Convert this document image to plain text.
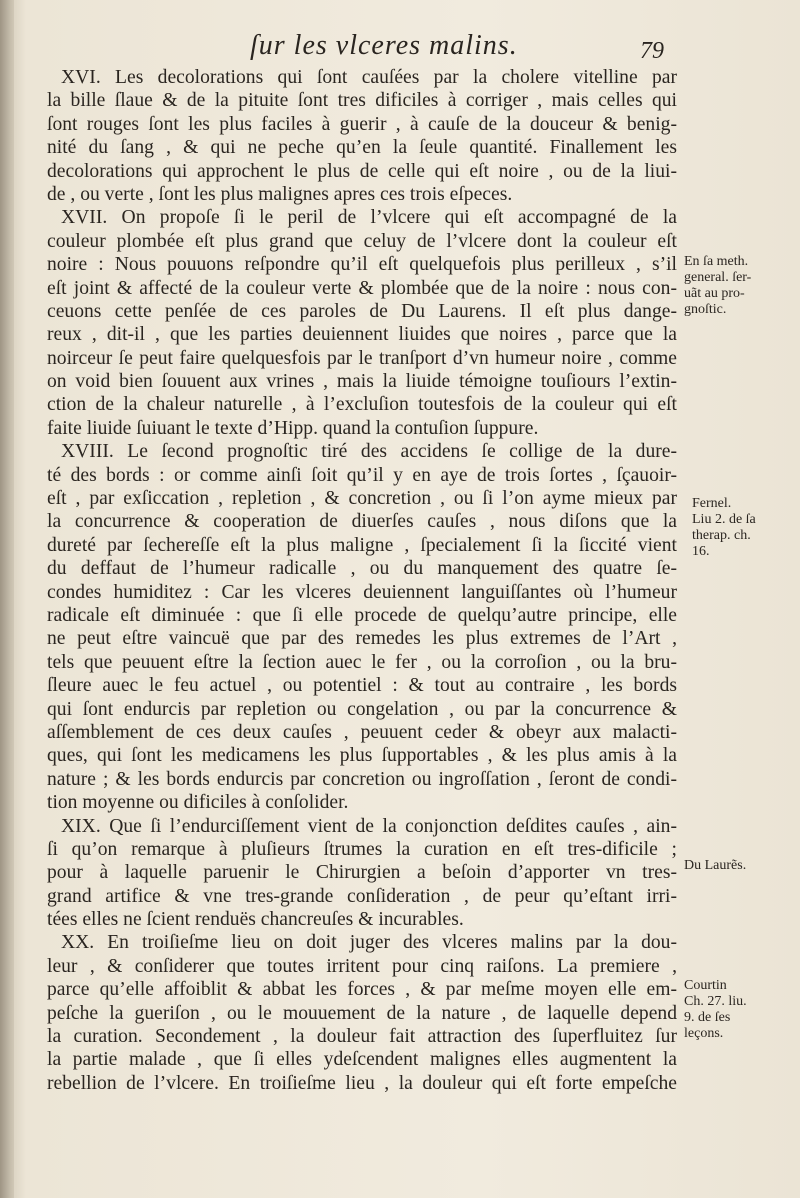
ſur les vlceres malins.	79
XVI. Les decolorations qui ſont cauſées par la cholere vitelline par
la bille ſlaue & de la pituite ſont tres dificiles à corriger , mais celles qui
ſont rouges ſont les plus faciles à guerir , à cauſe de la douceur & benig-
nité du ſang , & qui ne peche qu’en la ſeule quantité. Finallement les
decolorations qui approchent le plus de celle qui eſt noire , ou de la liui-
de , ou verte , ſont les plus malignes apres ces trois eſpeces.
XVII. On propoſe ſi le peril de l’vlcere qui eſt accompagné de la
couleur plombée eſt plus grand que celuy de l’vlcere dont la couleur eſt
noire : Nous pouuons reſpondre qu’il eſt quelquefois plus perilleux , s’il
eſt joint & affecté de la couleur verte & plombée que de la noire : nous con-
ceuons cette penſée de ces paroles de Du Laurens. Il eſt plus dange-
reux , dit-il , que les parties deuiennent liuides que noires , parce que la
noirceur ſe peut faire quelquesfois par le tranſport d’vn humeur noire , comme
on void bien ſouuent aux vrines , mais la liuide témoigne touſiours l’extin-
ction de la chaleur naturelle , à l’excluſion toutesfois de la couleur qui eſt
faite liuide ſuiuant le texte d’Hipp. quand la contuſion ſuppure.
XVIII. Le ſecond prognoſtic tiré des accidens ſe collige de la dure-
té des bords : or comme ainſi ſoit qu’il y en aye de trois ſortes , ſçauoir-
eſt , par exſiccation , repletion , & concretion , ou ſi l’on ayme mieux par
la concurrence & cooperation de diuerſes cauſes , nous diſons que la
dureté par ſechereſſe eſt la plus maligne , ſpecialement ſi la ſiccité vient
du deffaut de l’humeur radicalle , ou du manquement des quatre ſe-
condes humiditez : Car les vlceres deuiennent languiſſantes où l’humeur
radicale eſt diminuée : que ſi elle procede de quelqu’autre principe, elle
ne peut eſtre vaincuë que par des remedes les plus extremes de l’Art ,
tels que peuuent eſtre la ſection auec le fer , ou la corroſion , ou la bru-
ſleure auec le feu actuel , ou potentiel : & tout au contraire , les bords
qui ſont endurcis par repletion ou congelation , ou par la concurrence &
aſſemblement de ces deux cauſes , peuuent ceder & obeyr aux malacti-
ques, qui ſont les medicamens les plus ſupportables , & les plus amis à la
nature ; & les bords endurcis par concretion ou ingroſſation , ſeront de condi-
tion moyenne ou dificiles à conſolider.
XIX. Que ſi l’endurciſſement vient de la conjonction deſdites cauſes , ain-
ſi qu’on remarque à pluſieurs ſtrumes la curation en eſt tres-dificile ;
pour à laquelle paruenir le Chirurgien a beſoin d’apporter vn tres-
grand artifice & vne tres-grande conſideration , de peur qu’eſtant irri-
tées elles ne ſcient renduës chancreuſes & incurables.
XX. En troiſieſme lieu on doit juger des vlceres malins par la dou-
leur , & conſiderer que toutes irritent pour cinq raiſons. La premiere ,
parce qu’elle affoiblit & abbat les forces , & par meſme moyen elle em-
peſche la gueriſon , ou le mouuement de la nature , de laquelle depend
la curation. Secondement , la douleur fait attraction des ſuperfluitez ſur
la partie malade , que ſi elles ydeſcendent malignes elles augmentent la
rebellion de l’vlcere. En troiſieſme lieu , la douleur qui eſt forte empeſche
En ſa meth.
general. ſer-
uãt au pro-
gnoſtic.
Fernel.
Liu 2. de ſa
therap. ch.
16.
Du Laurẽs.
Courtin
Ch. 27. liu.
9. de ſes
leçons.
